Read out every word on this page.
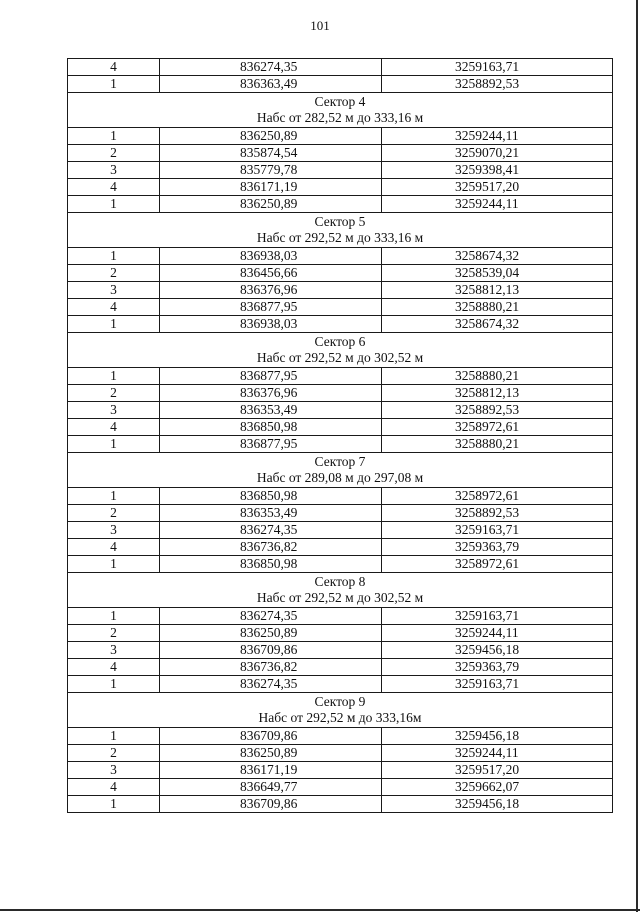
101
4	836274,35	3259163,71
1	836363,49	3258892,53

Сектор 4
Набс от 282,52 м до 333,16 м		

1	836250,89	3259244,11
2	835874,54	3259070,21
3	835779,78	3259398,41
4	836171,19	3259517,20
1	836250,89	3259244,11

Сектор 5
Набс от 292,52 м до 333,16 м		

1	836938,03	3258674,32
2	836456,66	3258539,04
3	836376,96	3258812,13
4	836877,95	3258880,21
1	836938,03	3258674,32

Сектор 6
Набс от 292,52 м до 302,52 м		

1	836877,95	3258880,21
2	836376,96	3258812,13
3	836353,49	3258892,53
4	836850,98	3258972,61
1	836877,95	3258880,21

Сектор 7
Набс от 289,08 м до 297,08 м		

1	836850,98	3258972,61
2	836353,49	3258892,53
3	836274,35	3259163,71
4	836736,82	3259363,79
1	836850,98	3258972,61

Сектор 8
Набс от 292,52 м до 302,52 м		

1	836274,35	3259163,71
2	836250,89	3259244,11
3	836709,86	3259456,18
4	836736,82	3259363,79
1	836274,35	3259163,71

Сектор 9
Набс от 292,52 м до 333,16м		

1	836709,86	3259456,18
2	836250,89	3259244,11
3	836171,19	3259517,20
4	836649,77	3259662,07
1	836709,86	3259456,18
